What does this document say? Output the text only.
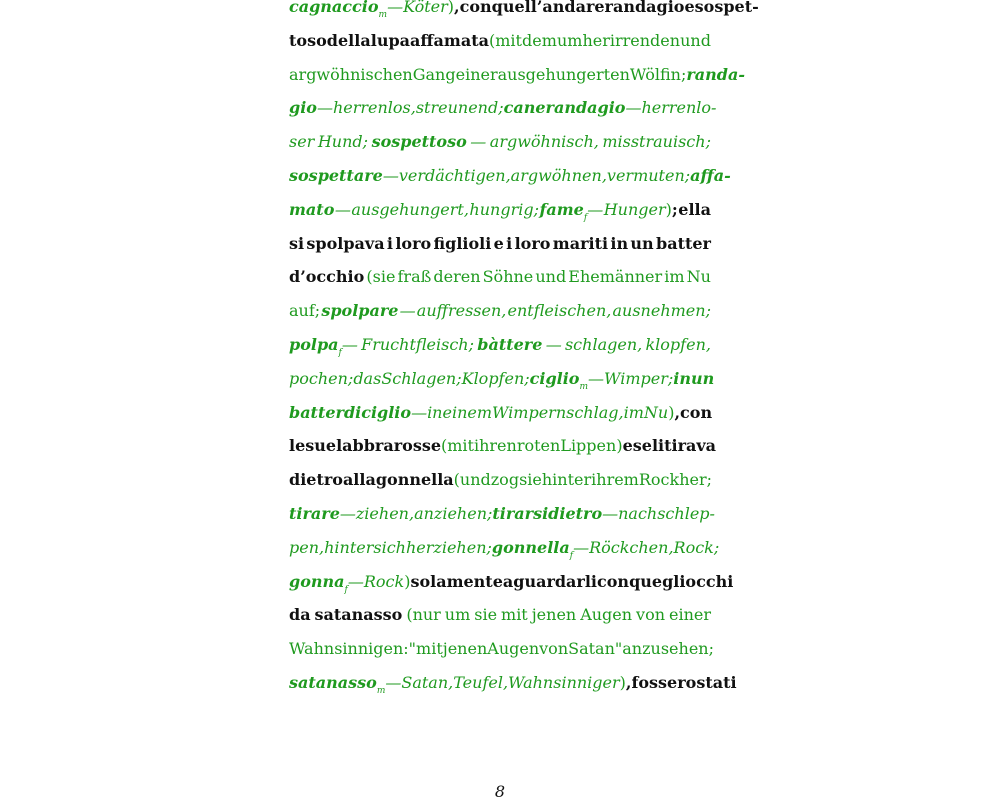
cagnaccio$_m$— Köter), con quell’andare randagio e sospet-
toso della lupa affamata (mit dem umherirrenden und
argwöhnischen Gang einer ausgehungerten Wölfin; randa-
gio — herrenlos, streunend; cane randagio — herrenlo-
ser Hund; sospettoso — argwöhnisch, misstrauisch;
sospettare — verdächtigen, argwöhnen, vermuten; affa-
mato — ausgehungert, hungrig; fame$_f$— Hunger); ella
si spolpava i loro figlioli e i loro mariti in un batter
d’occhio (sie fraß deren Söhne und Ehemänner im Nu
auf; spolpare — auffressen, entfleischen, ausnehmen;
polpa$_f$— Fruchtfleisch; bàttere — schlagen, klopfen,
pochen; das Schlagen; Klopfen; ciglio$_m$— Wimper; in un
batter di ciglio — in einem Wimpernschlag, im Nu), con
le sue labbra rosse (mit ihren roten Lippen) e se li tirava
dietro alla gonnella (und zog sie hinter ihrem Rock her;
tirare — ziehen, anziehen; tirarsi dietro — nachschlep-
pen, hinter sich herziehen; gonnella$_f$— Röckchen, Rock;
gonna$_f$— Rock) solamente a guardarli con quegli occhi
da satanasso (nur um sie mit jenen Augen von einer
Wahnsinnigen: "mit jenen Augen von Satan" anzusehen;
satanasso$_m$— Satan, Teufel, Wahnsinniger), fossero stati
8
